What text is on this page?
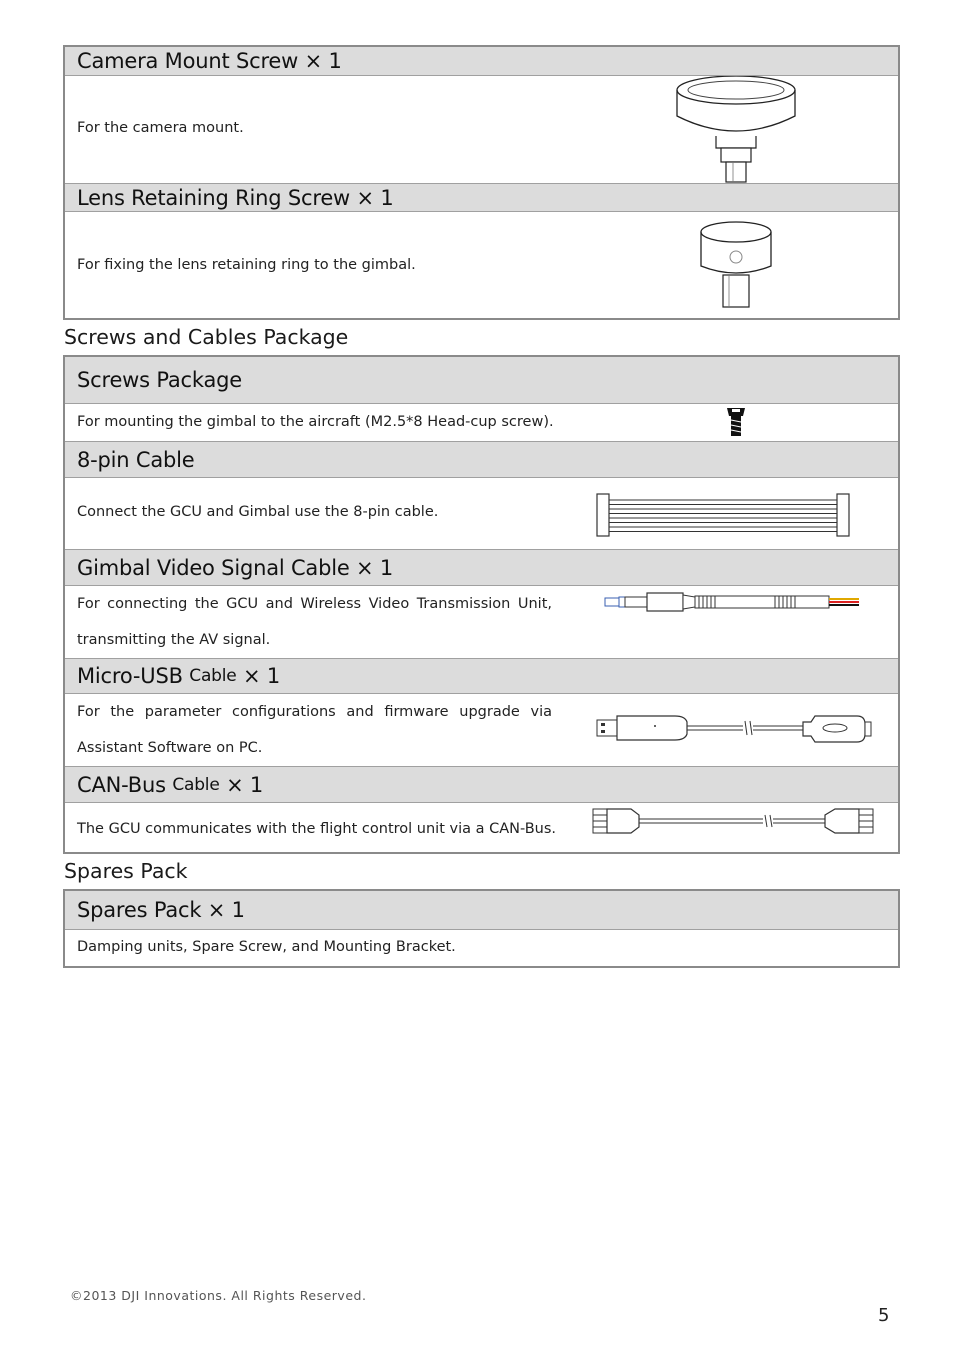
Camera Mount Screw × 1
For the camera mount.
Lens Retaining Ring Screw × 1
For fixing the lens retaining ring to the gimbal.
Screws and Cables Package
Screws Package
For mounting the gimbal to the aircraft (M2.5*8 Head-cup screw).
8-pin Cable
Connect the GCU and Gimbal use the 8-pin cable.
Gimbal Video Signal Cable × 1
For connecting the GCU and Wireless Video Transmission Unit, transmitting the AV signal.
Micro-USB
Cable
× 1
For the parameter configurations and firmware upgrade via Assistant Software on PC.
CAN-Bus
Cable
× 1
The GCU communicates with the flight control unit via a CAN-Bus.
Spares Pack
Spares Pack × 1
Damping units, Spare Screw, and Mounting Bracket.
©2013 DJI Innovations. All Rights Reserved.
5
